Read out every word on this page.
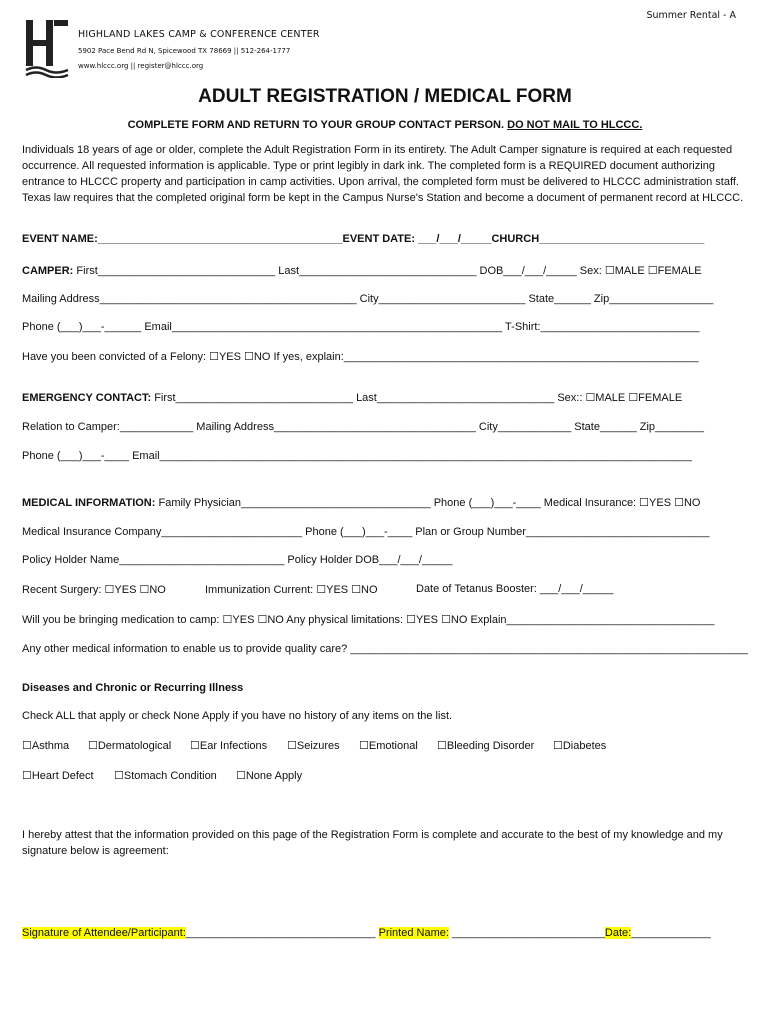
Summer Rental - A
HIGHLAND LAKES CAMP & CONFERENCE CENTER
5902 Pace Bend Rd N, Spicewood TX 78669 || 512-264-1777
www.hlccc.org || register@hlccc.org
ADULT REGISTRATION / MEDICAL FORM
COMPLETE FORM AND RETURN TO YOUR GROUP CONTACT PERSON. DO NOT MAIL TO HLCCC.
Individuals 18 years of age or older, complete the Adult Registration Form in its entirety. The Adult Camper signature is required at each requested occurrence. All requested information is applicable. Type or print legibly in dark ink. The completed form is a REQUIRED document authorizing entrance to HLCCC property and participation in camp activities. Upon arrival, the completed form must be delivered to HLCCC administration staff. Texas law requires that the completed original form be kept in the Campus Nurse's Station and become a document of permanent record at HLCCC.
EVENT NAME:________________________________________EVENT DATE: ___/___/_____CHURCH___________________________
CAMPER: First_____________________________ Last_____________________________ DOB___/___/_____ Sex: ☐MALE ☐FEMALE
Mailing Address__________________________________________ City________________________ State______ Zip_________________
Phone (___)___-______ Email______________________________________________________ T-Shirt:__________________________
Have you been convicted of a Felony: ☐YES ☐NO If yes, explain:__________________________________________________________
EMERGENCY CONTACT: First_____________________________ Last_____________________________ Sex:: ☐MALE ☐FEMALE
Relation to Camper:____________ Mailing Address_________________________________ City____________ State______ Zip________
Phone (___)___-____ Email_______________________________________________________________________________________
MEDICAL INFORMATION: Family Physician_______________________________ Phone (___)___-____ Medical Insurance: ☐YES ☐NO
Medical Insurance Company_______________________ Phone (___)___-____ Plan or Group Number______________________________
Policy Holder Name___________________________ Policy Holder DOB___/___/_____
Recent Surgery: ☐YES ☐NO	Immunization Current: ☐YES ☐NO	Date of Tetanus Booster: ___/___/_____
Will you be bringing medication to camp: ☐YES ☐NO Any physical limitations: ☐YES ☐NO Explain__________________________________
Any other medical information to enable us to provide quality care? _________________________________________________________________
Diseases and Chronic or Recurring Illness
Check ALL that apply or check None Apply if you have no history of any items on the list.
☐Asthma ☐Dermatological ☐Ear Infections ☐Seizures ☐Emotional ☐Bleeding Disorder ☐Diabetes
☐Heart Defect ☐Stomach Condition ☐None Apply
I hereby attest that the information provided on this page of the Registration Form is complete and accurate to the best of my knowledge and my signature below is agreement:
Signature of Attendee/Participant:_______________________________ Printed Name: _________________________Date:_____________
